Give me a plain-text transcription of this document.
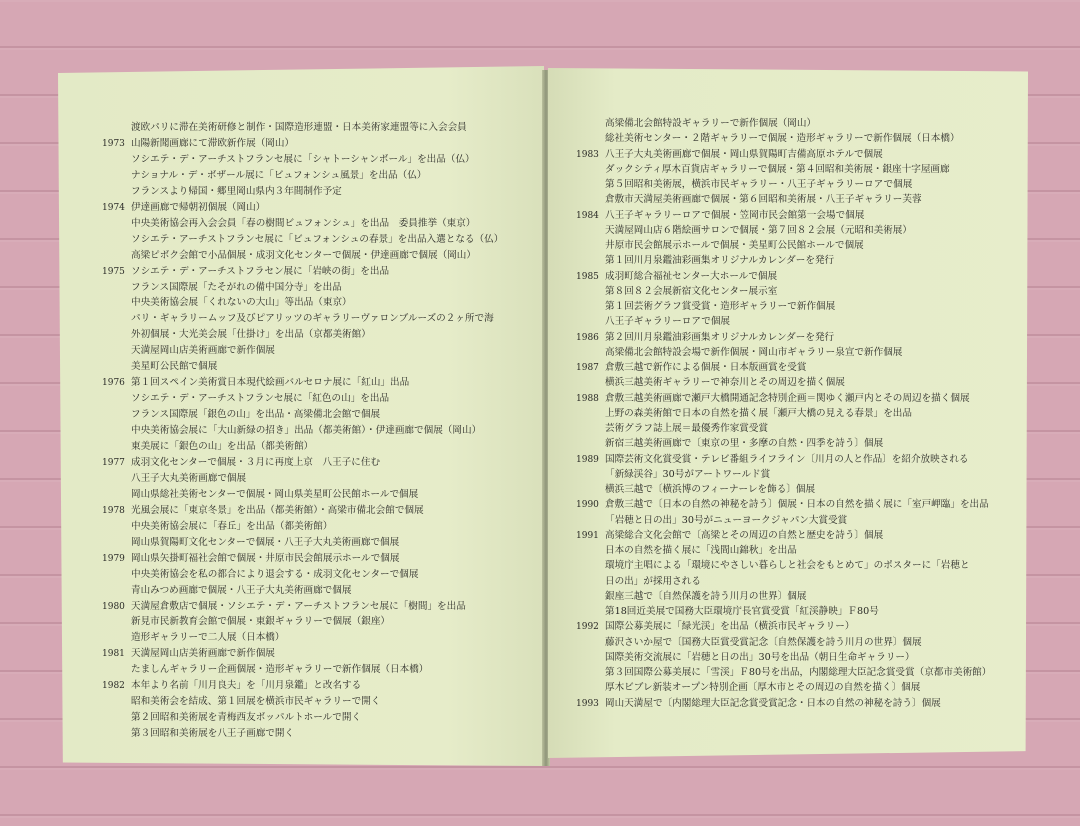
渡欧パリに滞在美術研修と制作・国際造形連盟・日本美術家連盟等に入会会員
1973 山陽新聞画廊にて滞欧新作展（岡山）
ソシエテ・デ・アーチストフランセ展に「シャトーシャンボール」を出品（仏）
ナショナル・デ・ボザール展に「ビュフォンシュ風景」を出品（仏）
フランスより帰国・郷里岡山県内３年間制作予定
1974 伊達画廊で帰朝初個展（岡山）
中央美術協会再入会会員「春の樹間ビュフォンシュ」を出品　委員推挙（東京）
ソシエテ・アーチストフランセ展に「ビュフォンシュの春景」を出品入選となる（仏）
高梁ピボク会館で小品個展・成羽文化センターで個展・伊達画廊で個展（岡山）
1975 ソシエテ・デ・アーチストフラセン展に「岩峡の街」を出品
フランス国際展「たそがれの備中国分寺」を出品
中央美術協会展「くれないの大山」等出品（東京）
パリ・ギャラリームッフ及びピアリッツのギャラリーヴァロンブルーズの２ヶ所で海
外初個展・大光美会展「仕掛け」を出品（京都美術館）
天満屋岡山店美術画廊で新作個展
美星町公民館で個展
1976 第１回スペイン美術賞日本現代絵画バルセロナ展に「紅山」出品
ソシエテ・デ・アーチストフランセ展に「紅色の山」を出品
フランス国際展「銀色の山」を出品・高梁備北会館で個展
中央美術協会展に「大山新緑の招き」出品（都美術館）・伊達画廊で個展（岡山）
東美展に「銀色の山」を出品（都美術館）
1977 成羽文化センターで個展・３月に再度上京　八王子に住む
八王子大丸美術画廊で個展
岡山県総社美術センターで個展・岡山県美星町公民館ホールで個展
1978 光風会展に「東京冬景」を出品（都美術館）・高梁市備北会館で個展
中央美術協会展に「春丘」を出品（都美術館）
岡山県賀陽町文化センターで個展・八王子大丸美術画廊で個展
1979 岡山県矢掛町福社会館で個展・井原市民会館展示ホールで個展
中央美術協会を私の都合により退会する・成羽文化センターで個展
青山みつめ画廊で個展・八王子大丸美術画廊で個展
1980 天満屋倉敷店で個展・ソシエテ・デ・アーチストフランセ展に「樹間」を出品
新見市民新教育会館で個展・東銀ギャラリーで個展（銀座）
造形ギャラリーで二人展（日本橋）
1981 天満屋岡山店美術画廊で新作個展
たましんギャラリー企画個展・造形ギャラリーで新作個展（日本橋）
1982 本年より名前「川月良夫」を「川月泉鑑」と改名する
昭和美術会を結成、第１回展を横浜市民ギャラリーで開く
第２回昭和美術展を青梅西友ボッパルトホールで開く
第３回昭和美術展を八王子画廊で開く
高梁備北会館特設ギャラリーで新作個展（岡山）
総社美術センター・２階ギャラリーで個展・造形ギャラリーで新作個展（日本橋）
1983 八王子大丸美術画廊で個展・岡山県賀陽町吉備高原ホテルで個展
ダックシティ厚木百貨店ギャラリーで個展・第４回昭和美術展・銀座十字屋画廊
第５回昭和美術展，横浜市民ギャラリー・八王子ギャラリーロアで個展
倉敷市天満屋美術画廊で個展・第６回昭和美術展・八王子ギャラリー芙蓉
1984 八王子ギャラリーロアで個展・笠岡市民会館第一会場で個展
天満屋岡山店６階絵画サロンで個展・第７回８２会展（元昭和美術展）
井原市民会館展示ホールで個展・美星町公民館ホールで個展
第１回川月泉鑑油彩画集オリジナルカレンダーを発行
1985 成羽町総合福祉センター大ホールで個展
第８回８２会展新宿文化センター展示室
第１回芸術グラフ賞受賞・造形ギャラリーで新作個展
八王子ギャラリーロアで個展
1986 第２回川月泉鑑油彩画集オリジナルカレンダーを発行
高梁備北会館特設会場で新作個展・岡山市ギャラリー泉宣で新作個展
1987 倉敷三越で新作による個展・日本版画賞を受賞
横浜三越美術ギャラリーで神奈川とその周辺を描く個展
1988 倉敷三越美術画廊で瀬戸大橋開通記念特別企画＝関ゆく瀬戸内とその周辺を描く個展
上野の森美術館で日本の自然を描く展「瀬戸大橋の見える春景」を出品
芸術グラフ誌上展＝最優秀作家賞受賞
新宿三越美術画廊で〔東京の里・多摩の自然・四季を詩う〕個展
1989 国際芸術文化賞受賞・テレビ番組ライフライン〔川月の人と作品〕を紹介放映される
「新緑渓谷」30号がアートワールド賞
横浜三越で〔横浜博のフィーナーレを飾る〕個展
1990 倉敷三越で〔日本の自然の神秘を詩う〕個展・日本の自然を描く展に「室戸岬臨」を出品
「岩穂と日の出」30号がニューヨークジャパン大賞受賞
1991 高梁総合文化会館で〔高梁とその周辺の自然と歴史を詩う〕個展
日本の自然を描く展に「浅間山錦秋」を出品
環境庁主唱による「環境にやさしい暮らしと社会をもとめて」のポスターに「岩穂と
日の出」が採用される
銀座三越で〔自然保護を詩う川月の世界〕個展
第18回近美展で国務大臣環境庁長官賞受賞「紅渓静映」Ｆ80号
1992 国際公募美展に「緑光渓」を出品（横浜市民ギャラリー）
藤沢さいか屋で〔国務大臣賞受賞記念〔自然保護を詩う川月の世界〕個展
国際美術交流展に「岩穂と日の出」30号を出品（朝日生命ギャラリー）
第３回国際公募美展に「雪渓」Ｆ80号を出品，内閣総理大臣記念賞受賞（京都市美術館）
厚木ビブレ新装オープン特別企画〔厚木市とその周辺の自然を描く〕個展
1993 岡山天満屋で〔内閣総理大臣記念賞受賞記念・日本の自然の神秘を詩う〕個展
